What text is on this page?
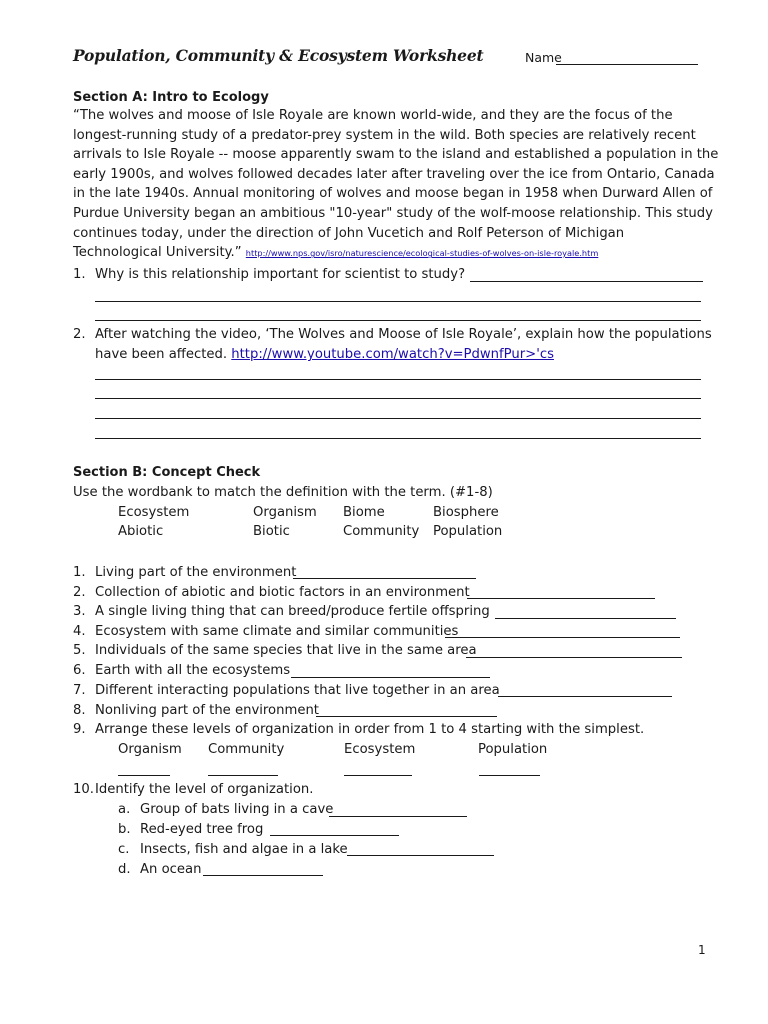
Population, Community & Ecosystem Worksheet	Name
Section A: Intro to Ecology
“The wolves and moose of Isle Royale are known world-wide, and they are the focus of the
longest-running study of a predator-prey system in the wild. Both species are relatively recent
arrivals to Isle Royale -- moose apparently swam to the island and established a population in the
early 1900s, and wolves followed decades later after traveling over the ice from Ontario, Canada
in the late 1940s. Annual monitoring of wolves and moose began in 1958 when Durward Allen of
Purdue University began an ambitious "10-year" study of the wolf-moose relationship. This study
continues today, under the direction of John Vucetich and Rolf Peterson of Michigan
Technological University.” http://www.nps.gov/isro/naturescience/ecological-studies-of-wolves-on-isle-royale.htm
1. Why is this relationship important for scientist to study?
2. After watching the video, ‘The Wolves and Moose of Isle Royale’, explain how the populations
have been affected. http://www.youtube.com/watch?v=PdwnfPur>'cs
Section B: Concept Check
Use the wordbank to match the definition with the term. (#1-8)
Ecosystem	Organism Biome	Biosphere
Abiotic	Biotic	Community Population
1. Living part of the environment
2. Collection of abiotic and biotic factors in an environment
3. A single living thing that can breed/produce fertile offspring
4. Ecosystem with same climate and similar communities
5. Individuals of the same species that live in the same area
6. Earth with all the ecosystems
7. Different interacting populations that live together in an area
8. Nonliving part of the environment
9. Arrange these levels of organization in order from 1 to 4 starting with the simplest.
Organism Community	Ecosystem	Population
10. Identify the level of organization.
a. Group of bats living in a cave
b. Red-eyed tree frog
c. Insects, fish and algae in a lake
d. An ocean
1
